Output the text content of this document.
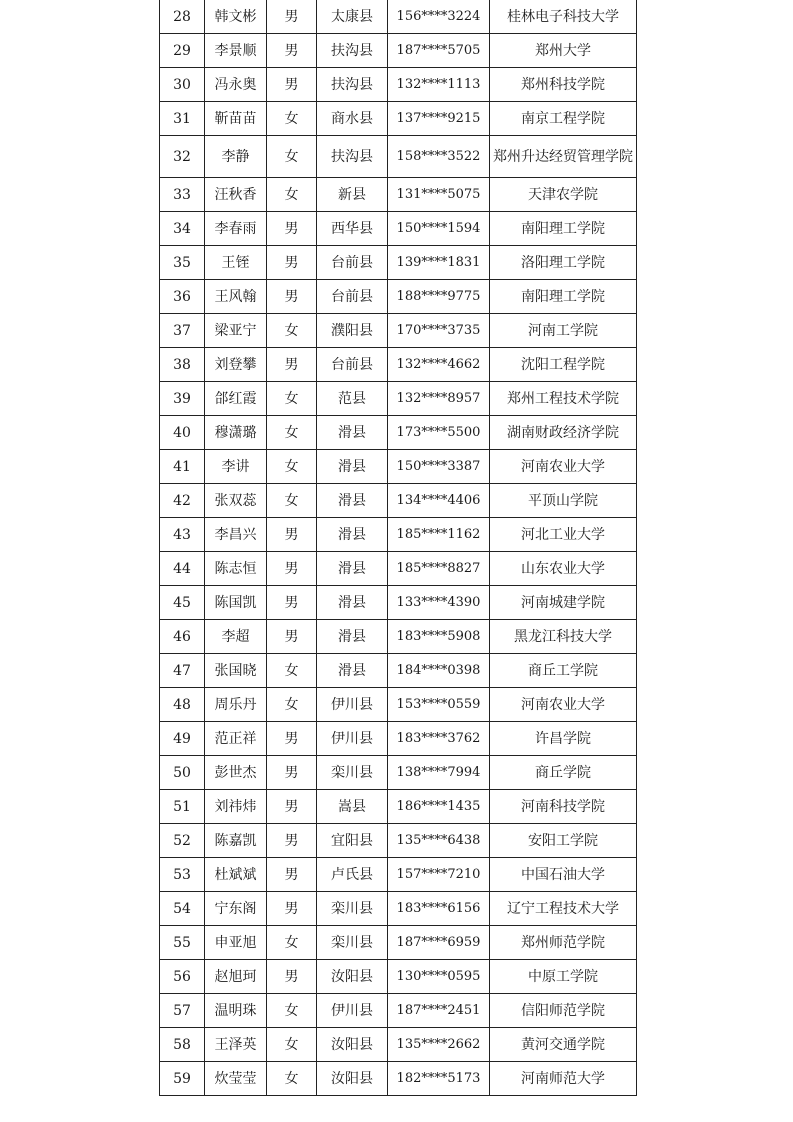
28	韩文彬	男	太康县	156****3224	桂林电子科技大学
29	李景顺	男	扶沟县	187****5705	郑州大学
30	冯永奥	男	扶沟县	132****1113	郑州科技学院
31	靳苗苗	女	商水县	137****9215	南京工程学院
32	李静	女	扶沟县	158****3522	郑州升达经贸管理学院
33	汪秋香	女	新县	131****5075	天津农学院
34	李春雨	男	西华县	150****1594	南阳理工学院
35	王铚	男	台前县	139****1831	洛阳理工学院
36	王风翰	男	台前县	188****9775	南阳理工学院
37	梁亚宁	女	濮阳县	170****3735	河南工学院
38	刘登攀	男	台前县	132****4662	沈阳工程学院
39	郃红霞	女	范县	132****8957	郑州工程技术学院
40	穆潇璐	女	滑县	173****5500	湖南财政经济学院
41	李讲	女	滑县	150****3387	河南农业大学
42	张双蕊	女	滑县	134****4406	平顶山学院
43	李昌兴	男	滑县	185****1162	河北工业大学
44	陈志恒	男	滑县	185****8827	山东农业大学
45	陈国凯	男	滑县	133****4390	河南城建学院
46	李超	男	滑县	183****5908	黑龙江科技大学
47	张国晓	女	滑县	184****0398	商丘工学院
48	周乐丹	女	伊川县	153****0559	河南农业大学
49	范正祥	男	伊川县	183****3762	许昌学院
50	彭世杰	男	栾川县	138****7994	商丘学院
51	刘祎炜	男	嵩县	186****1435	河南科技学院
52	陈嘉凯	男	宜阳县	135****6438	安阳工学院
53	杜斌斌	男	卢氏县	157****7210	中国石油大学
54	宁东阁	男	栾川县	183****6156	辽宁工程技术大学
55	申亚旭	女	栾川县	187****6959	郑州师范学院
56	赵旭珂	男	汝阳县	130****0595	中原工学院
57	温明珠	女	伊川县	187****2451	信阳师范学院
58	王泽英	女	汝阳县	135****2662	黄河交通学院
59	炊莹莹	女	汝阳县	182****5173	河南师范大学
